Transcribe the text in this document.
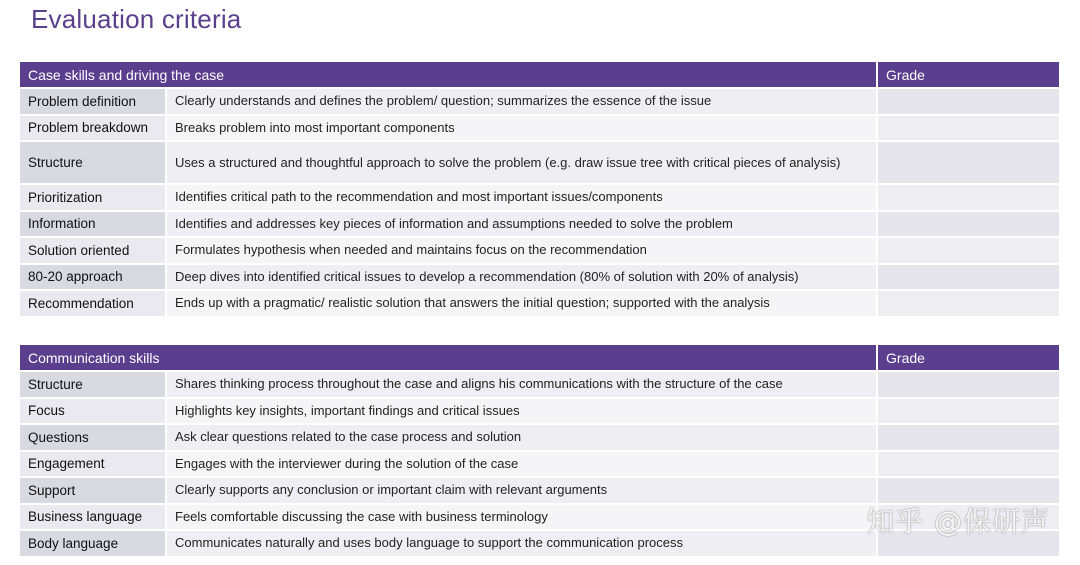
Evaluation criteria
Case skills and driving the case		Grade
Problem definition	Clearly understands and defines the problem/ question; summarizes the essence of the issue	
Problem breakdown	Breaks problem into most important components	
Structure	Uses a structured and thoughtful approach to solve the problem (e.g. draw issue tree with critical pieces of analysis)	
Prioritization	Identifies critical path to the recommendation and most important issues/components	
Information	Identifies and addresses key pieces of information and assumptions needed to solve the problem	
Solution oriented	Formulates hypothesis when needed and maintains focus on the recommendation	
80-20 approach	Deep dives into identified critical issues to develop a recommendation (80% of solution with 20% of analysis)	
Recommendation	Ends up with a pragmatic/ realistic solution that answers the initial question; supported with the analysis	
Communication skills		Grade
Structure	Shares thinking process throughout the case and aligns his communications with the structure of the case	
Focus	Highlights key insights, important findings and critical issues	
Questions	Ask clear questions related to the case process and solution	
Engagement	Engages with the interviewer during the solution of the case	
Support	Clearly supports any conclusion or important claim with relevant arguments	
Business language	Feels comfortable discussing the case with business terminology	
Body language	Communicates naturally and uses body language to support the communication process	
知乎 @保研声
